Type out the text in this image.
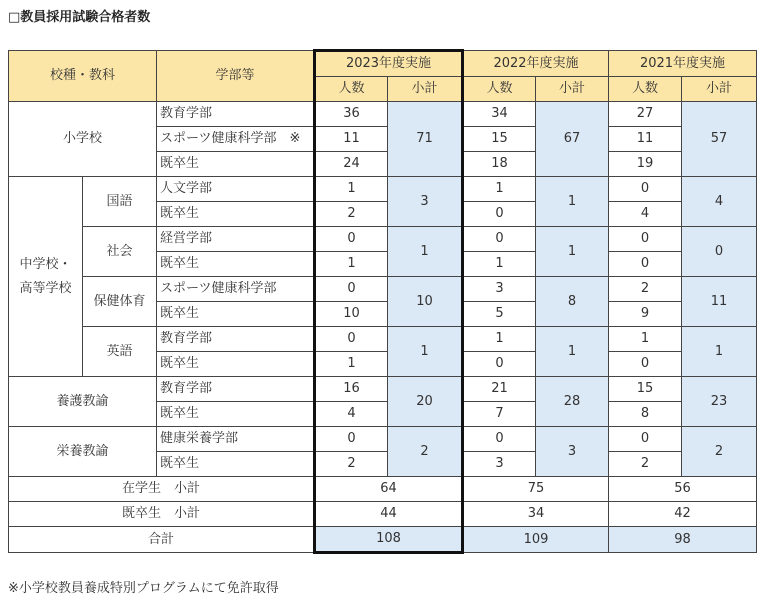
□教員採用試験合格者数
校種・教科		学部等	2023年度実施		2022年度実施		2021年度実施	
			人数	小計	人数	小計	人数	小計
小学校		教育学部	36	71	34	67	27	57
		スポーツ健康科学部　※	11		15		11	
		既卒生	24		18		19	
中学校・
高等学校	国語	人文学部	1	3	1	1	0	4
		既卒生	2		0		4	
	社会	経営学部	0	1	0	1	0	0
		既卒生	1		1		0	
	保健体育	スポーツ健康科学部	0	10	3	8	2	11
		既卒生	10		5		9	
	英語	教育学部	0	1	1	1	1	1
		既卒生	1		0		0	
養護教諭		教育学部	16	20	21	28	15	23
		既卒生	4		7		8	
栄養教諭		健康栄養学部	0	2	0	3	0	2
		既卒生	2		3		2	
在学生　小計			64		75		56	
既卒生　小計			44		34		42	
合計			108		109		98	
※小学校教員養成特別プログラムにて免許取得
